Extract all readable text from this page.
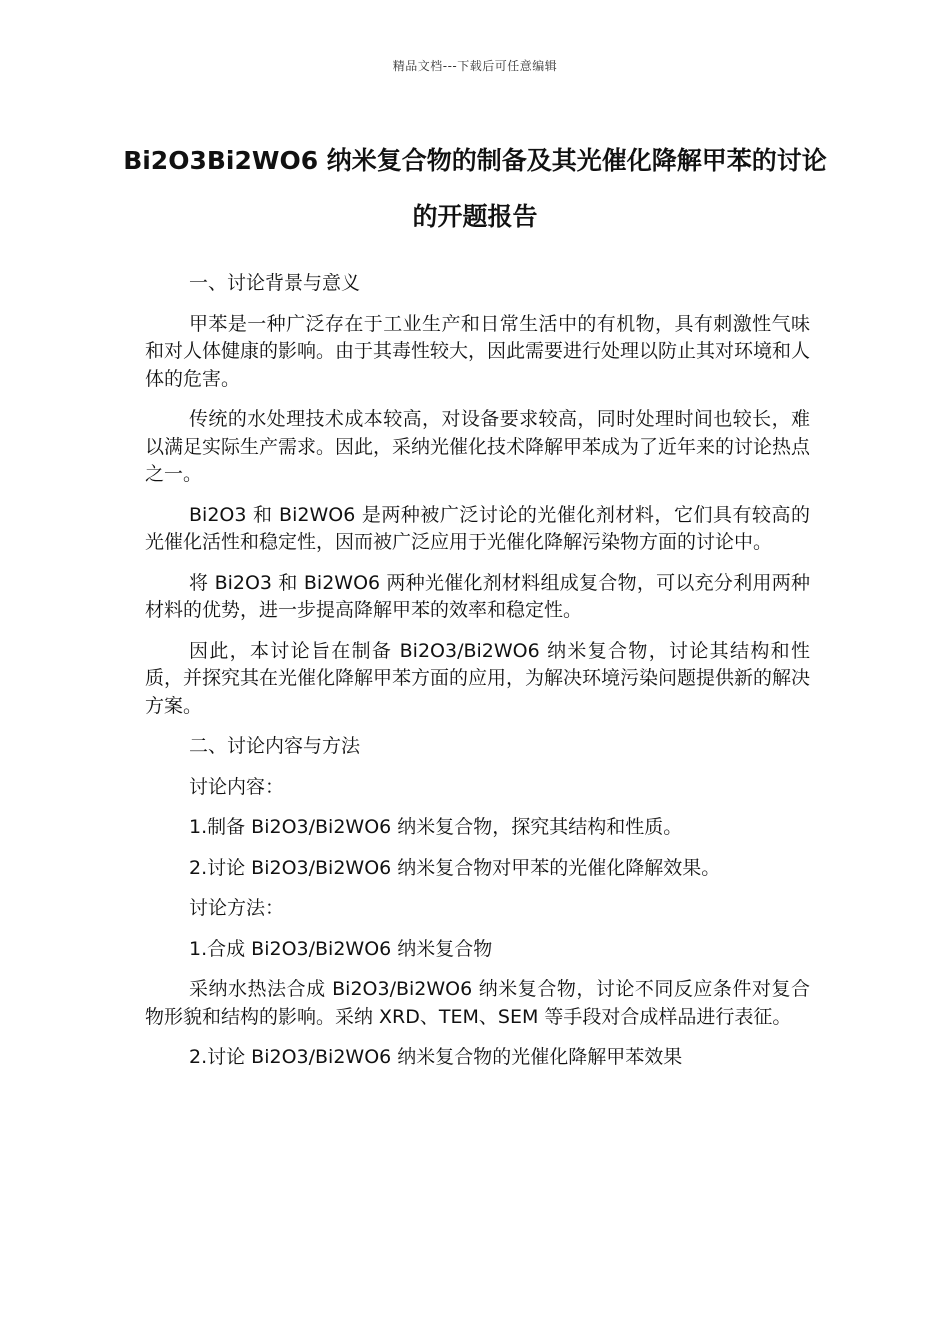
精品文档---下载后可任意编辑
Bi2O3Bi2WO6 纳米复合物的制备及其光催化降解甲苯的讨论的开题报告

一、讨论背景与意义

甲苯是一种广泛存在于工业生产和日常生活中的有机物，具有刺激性气味和对人体健康的影响。由于其毒性较大，因此需要进行处理以防止其对环境和人体的危害。

传统的水处理技术成本较高，对设备要求较高，同时处理时间也较长，难以满足实际生产需求。因此，采纳光催化技术降解甲苯成为了近年来的讨论热点之一。

Bi2O3 和 Bi2WO6 是两种被广泛讨论的光催化剂材料，它们具有较高的光催化活性和稳定性，因而被广泛应用于光催化降解污染物方面的讨论中。

将 Bi2O3 和 Bi2WO6 两种光催化剂材料组成复合物，可以充分利用两种材料的优势，进一步提高降解甲苯的效率和稳定性。

因此，本讨论旨在制备 Bi2O3/Bi2WO6 纳米复合物，讨论其结构和性质，并探究其在光催化降解甲苯方面的应用，为解决环境污染问题提供新的解决方案。

二、讨论内容与方法

讨论内容：

1.制备 Bi2O3/Bi2WO6 纳米复合物，探究其结构和性质。

2.讨论 Bi2O3/Bi2WO6 纳米复合物对甲苯的光催化降解效果。

讨论方法：

1.合成 Bi2O3/Bi2WO6 纳米复合物

采纳水热法合成 Bi2O3/Bi2WO6 纳米复合物，讨论不同反应条件对复合物形貌和结构的影响。采纳 XRD、TEM、SEM 等手段对合成样品进行表征。

2.讨论 Bi2O3/Bi2WO6 纳米复合物的光催化降解甲苯效果
